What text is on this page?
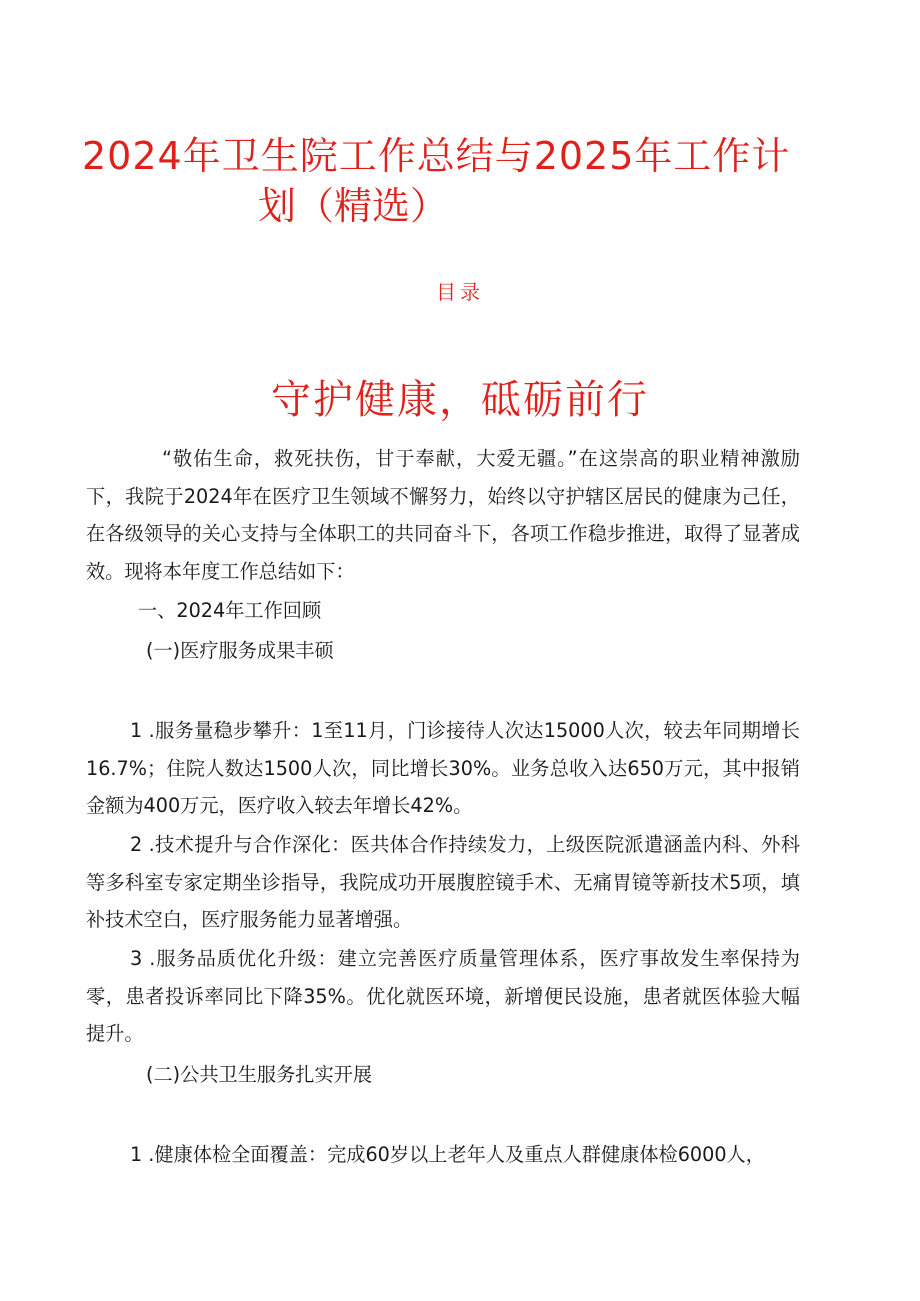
2024年卫生院工作总结与2025年工作计
划（精选）
目录
守护健康，砥砺前行
“敬佑生命，救死扶伤，甘于奉献，大爱无疆。”在这崇高的职业精神激励下，我院于2024年在医疗卫生领域不懈努力，始终以守护辖区居民的健康为己任，在各级领导的关心支持与全体职工的共同奋斗下，各项工作稳步推进，取得了显著成效。现将本年度工作总结如下：
一、2024年工作回顾
(一)医疗服务成果丰硕
1 .服务量稳步攀升：1至11月，门诊接待人次达15000人次，较去年同期增长16.7%；住院人数达1500人次，同比增长30%。业务总收入达650万元，其中报销金额为400万元，医疗收入较去年增长42%。
2 .技术提升与合作深化：医共体合作持续发力，上级医院派遣涵盖内科、外科等多科室专家定期坐诊指导，我院成功开展腹腔镜手术、无痛胃镜等新技术5项，填补技术空白，医疗服务能力显著增强。
3 .服务品质优化升级：建立完善医疗质量管理体系，医疗事故发生率保持为零，患者投诉率同比下降35%。优化就医环境，新增便民设施，患者就医体验大幅提升。
(二)公共卫生服务扎实开展
1 .健康体检全面覆盖：完成60岁以上老年人及重点人群健康体检6000人，
